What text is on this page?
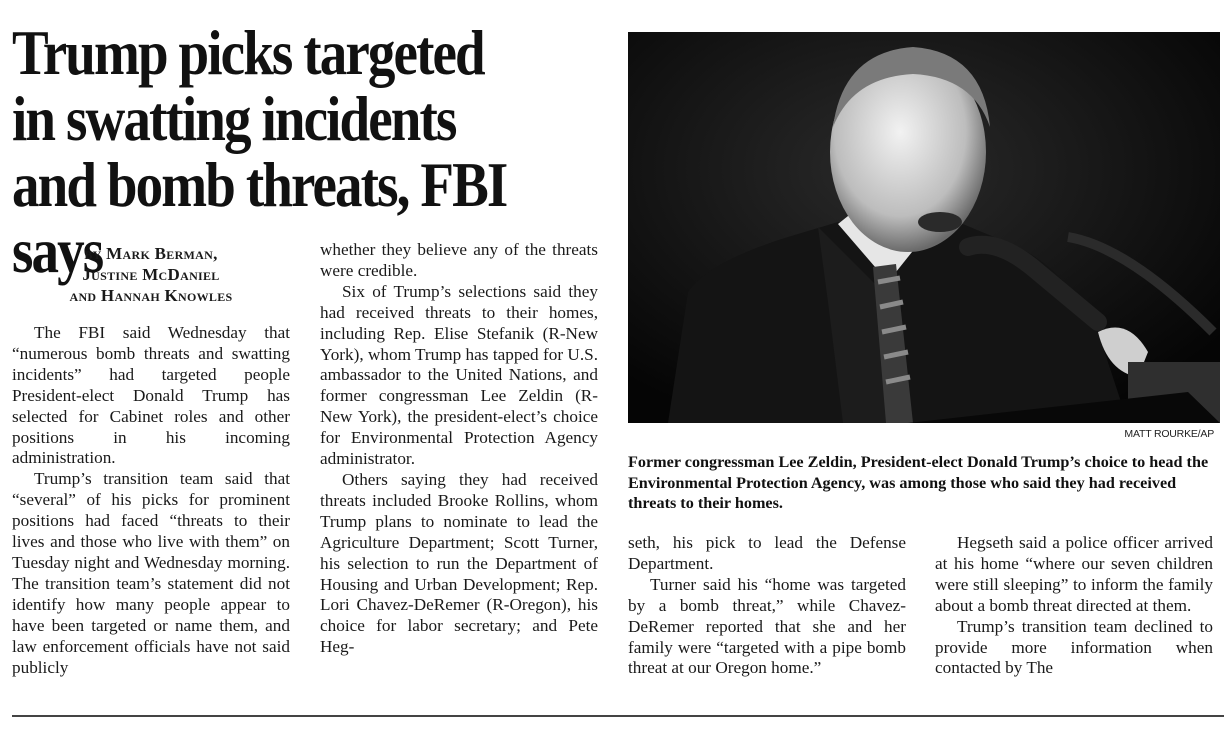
Trump picks targeted in swatting incidents and bomb threats, FBI says
by Mark Berman,
Justine McDaniel
and Hannah Knowles

The FBI said Wednesday that “numerous bomb threats and swatting incidents” had targeted people President-elect Donald Trump has selected for Cabinet roles and other positions in his incoming administration.

Trump’s transition team said that “several” of his picks for prominent positions had faced “threats to their lives and those who live with them” on Tuesday night and Wednesday morning. The transition team’s statement did not identify how many people appear to have been targeted or name them, and law enforcement officials have not said publicly

whether they believe any of the threats were credible.

Six of Trump’s selections said they had received threats to their homes, including Rep. Elise Stefanik (R-New York), whom Trump has tapped for U.S. ambassador to the United Nations, and former congressman Lee Zeldin (R-New York), the president-elect’s choice for Environmental Protection Agency administrator.

Others saying they had received threats included Brooke Rollins, whom Trump plans to nominate to lead the Agriculture Department; Scott Turner, his selection to run the Department of Housing and Urban Development; Rep. Lori Chavez-DeRemer (R-Oregon), his choice for labor secretary; and Pete Heg-

MATT ROURKE/AP
Former congressman Lee Zeldin, President-elect Donald Trump’s choice to head the Environmental Protection Agency, was among those who said they had received threats to their homes.

seth, his pick to lead the Defense Department.

Turner said his “home was targeted by a bomb threat,” while Chavez-DeRemer reported that she and her family were “targeted with a pipe bomb threat at our Oregon home.”

Hegseth said a police officer arrived at his home “where our seven children were still sleeping” to inform the family about a bomb threat directed at them.

Trump’s transition team declined to provide more information when contacted by The
